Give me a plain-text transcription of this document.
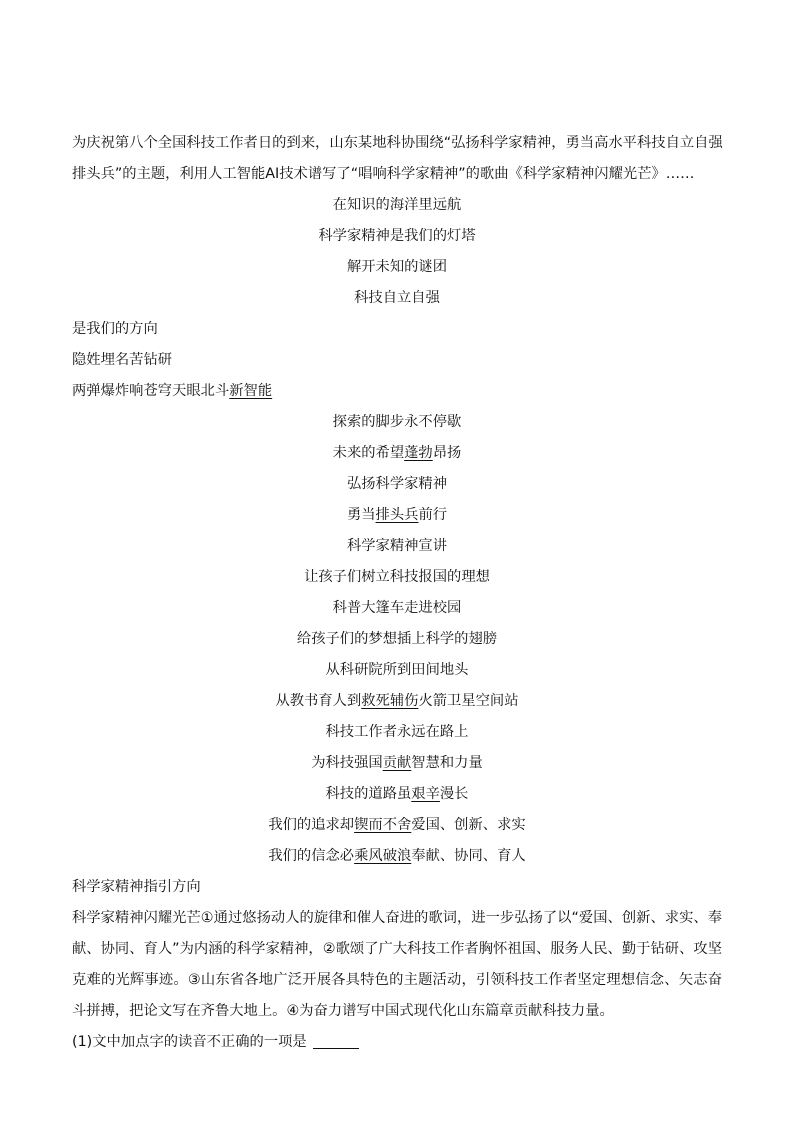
为庆祝第八个全国科技工作者日的到来，山东某地科协围绕“弘扬科学家精神，勇当高水平科技自立自强

排头兵”的主题，利用人工智能AI技术谱写了“唱响科学家精神”的歌曲《科学家精神闪耀光芒》……

在知识的海洋里远航

科学家精神是我们的灯塔

解开未知的谜团

科技自立自强

是我们的方向

隐姓埋名苦钻研

两弹爆炸响苍穹天眼北斗新智能

探索的脚步永不停歇

未来的希望蓬勃昂扬

弘扬科学家精神

勇当排头兵前行

科学家精神宣讲

让孩子们树立科技报国的理想

科普大篷车走进校园

给孩子们的梦想插上科学的翅膀

从科研院所到田间地头

从教书育人到救死辅伤火箭卫星空间站

科技工作者永远在路上

为科技强国贡献智慧和力量

科技的道路虽艰辛漫长

我们的追求却锲而不舍爱国、创新、求实

我们的信念必乘风破浪奉献、协同、育人

科学家精神指引方向

科学家精神闪耀光芒①通过悠扬动人的旋律和催人奋进的歌词，进一步弘扬了以“爱国、创新、求实、奉献、协同、育人”为内涵的科学家精神，②歌颂了广大科技工作者胸怀祖国、服务人民、勤于钻研、攻坚克难的光辉事迹。③山东省各地广泛开展各具特色的主题活动，引领科技工作者坚定理想信念、矢志奋斗拼搏，把论文写在齐鲁大地上。④为奋力谱写中国式现代化山东篇章贡献科技力量。

(1)文中加点字的读音不正确的一项是
